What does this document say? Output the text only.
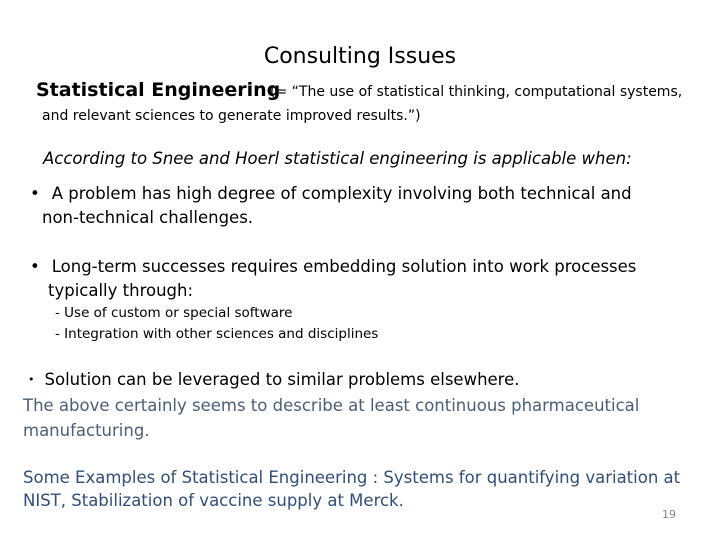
Consulting Issues
Statistical Engineering
(= “The use of statistical thinking, computational systems,
and relevant sciences to generate improved results.”)
According to Snee and Hoerl statistical engineering is applicable when:
• A problem has high degree of complexity involving both technical and
non-technical challenges.
• Long-term successes requires embedding solution into work processes
typically through:
- Use of custom or special software
- Integration with other sciences and disciplines
• Solution can be leveraged to similar problems elsewhere.
The above certainly seems to describe at least continuous pharmaceutical
manufacturing.
Some Examples of Statistical Engineering : Systems for quantifying variation at
NIST, Stabilization of vaccine supply at Merck.
19
